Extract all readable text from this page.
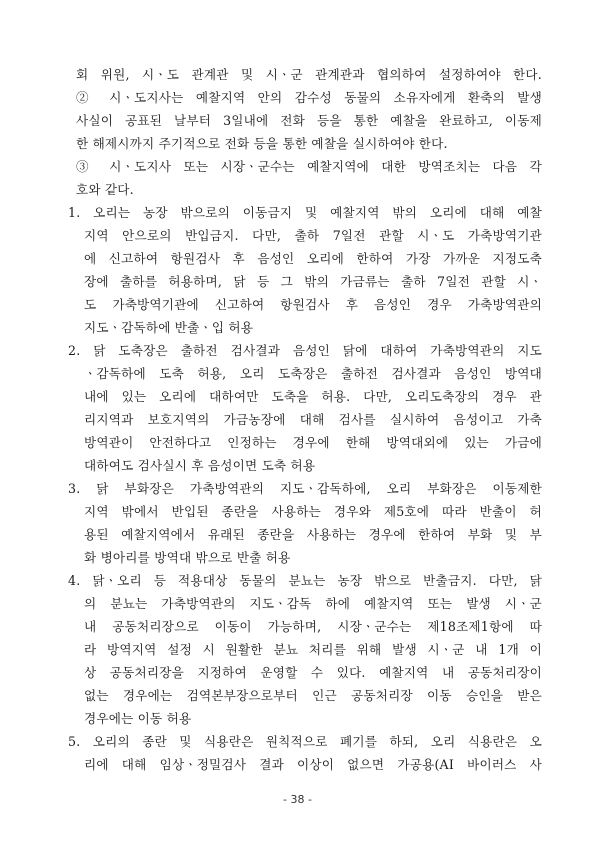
회 위원, 시ㆍ도 관계관 및 시ㆍ군 관계관과 협의하여 설정하여야 한다.
② 시ㆍ도지사는 예찰지역 안의 감수성 동물의 소유자에게 환축의 발생
사실이 공표된 날부터 3일내에 전화 등을 통한 예찰을 완료하고, 이동제
한 해제시까지 주기적으로 전화 등을 통한 예찰을 실시하여야 한다.
③ 시ㆍ도지사 또는 시장ㆍ군수는 예찰지역에 대한 방역조치는 다음 각
호와 같다.
1. 오리는 농장 밖으로의 이동금지 및 예찰지역 밖의 오리에 대해 예찰
지역 안으로의 반입금지. 다만, 출하 7일전 관할 시ㆍ도 가축방역기관
에 신고하여 항원검사 후 음성인 오리에 한하여 가장 가까운 지정도축
장에 출하를 허용하며, 닭 등 그 밖의 가금류는 출하 7일전 관할 시ㆍ
도 가축방역기관에 신고하여 항원검사 후 음성인 경우 가축방역관의
지도ㆍ감독하에 반출ㆍ입 허용
2. 닭 도축장은 출하전 검사결과 음성인 닭에 대하여 가축방역관의 지도
ㆍ감독하에 도축 허용, 오리 도축장은 출하전 검사결과 음성인 방역대
내에 있는 오리에 대하여만 도축을 허용. 다만, 오리도축장의 경우 관
리지역과 보호지역의 가금농장에 대해 검사를 실시하여 음성이고 가축
방역관이 안전하다고 인정하는 경우에 한해 방역대외에 있는 가금에
대하여도 검사실시 후 음성이면 도축 허용
3. 닭 부화장은 가축방역관의 지도ㆍ감독하에, 오리 부화장은 이동제한
지역 밖에서 반입된 종란을 사용하는 경우와 제5호에 따라 반출이 허
용된 예찰지역에서 유래된 종란을 사용하는 경우에 한하여 부화 및 부
화 병아리를 방역대 밖으로 반출 허용
4. 닭ㆍ오리 등 적용대상 동물의 분뇨는 농장 밖으로 반출금지. 다만, 닭
의 분뇨는 가축방역관의 지도ㆍ감독 하에 예찰지역 또는 발생 시ㆍ군
내 공동처리장으로 이동이 가능하며, 시장ㆍ군수는 제18조제1항에 따
라 방역지역 설정 시 원활한 분뇨 처리를 위해 발생 시ㆍ군 내 1개 이
상 공동처리장을 지정하여 운영할 수 있다. 예찰지역 내 공동처리장이
없는 경우에는 검역본부장으로부터 인근 공동처리장 이동 승인을 받은
경우에는 이동 허용
5. 오리의 종란 및 식용란은 원칙적으로 폐기를 하되, 오리 식용란은 오
리에 대해 임상ㆍ정밀검사 결과 이상이 없으면 가공용(AI 바이러스 사
- 38 -
